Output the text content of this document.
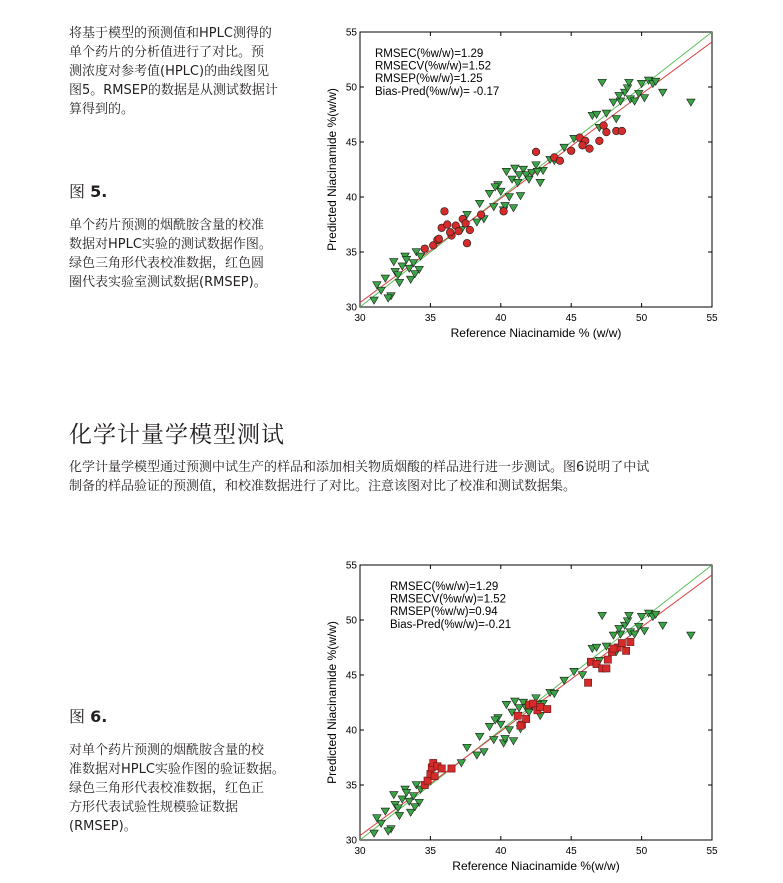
将基于模型的预测值和HPLC测得的

单个药片的分析值进行了对比。预

测浓度对参考值(HPLC)的曲线图见

图5。RMSEP的数据是从测试数据计

算得到的。

图 5.

单个药片预测的烟酰胺含量的校准

数据对HPLC实验的测试数据作图。

绿色三角形代表校准数据，红色圆

圈代表实验室测试数据(RMSEP)。

30	35	40	45	50	55
30
35
40
45
50
55
Reference Niacinamide % (w/w)
Predicted Niacinamide %(w/w)
RMSEC(%w/w)=1.29
RMSECV(%w/w)=1.52
RMSEP(%w/w)=1.25
Bias-Pred(%w/w)= -0.17
化学计量学模型测试

化学计量学模型通过预测中试生产的样品和添加相关物质烟酸的样品进行进一步测试。图6说明了中试

制备的样品验证的预测值，和校准数据进行了对比。注意该图对比了校准和测试数据集。

图 6.

对单个药片预测的烟酰胺含量的校

准数据对HPLC实验作图的验证数据。

绿色三角形代表校准数据，红色正

方形代表试验性规模验证数据

(RMSEP)。

30	35	40	45	50	55
30
35
40
45
50
55
Reference Niacinamide %(w/w)
Predicted Niacinamide %(w/w)
RMSEC(%w/w)=1.29
RMSECV(%w/w)=1.52
RMSEP(%w/w)=0.94
Bias-Pred(%w/w)=-0.21
